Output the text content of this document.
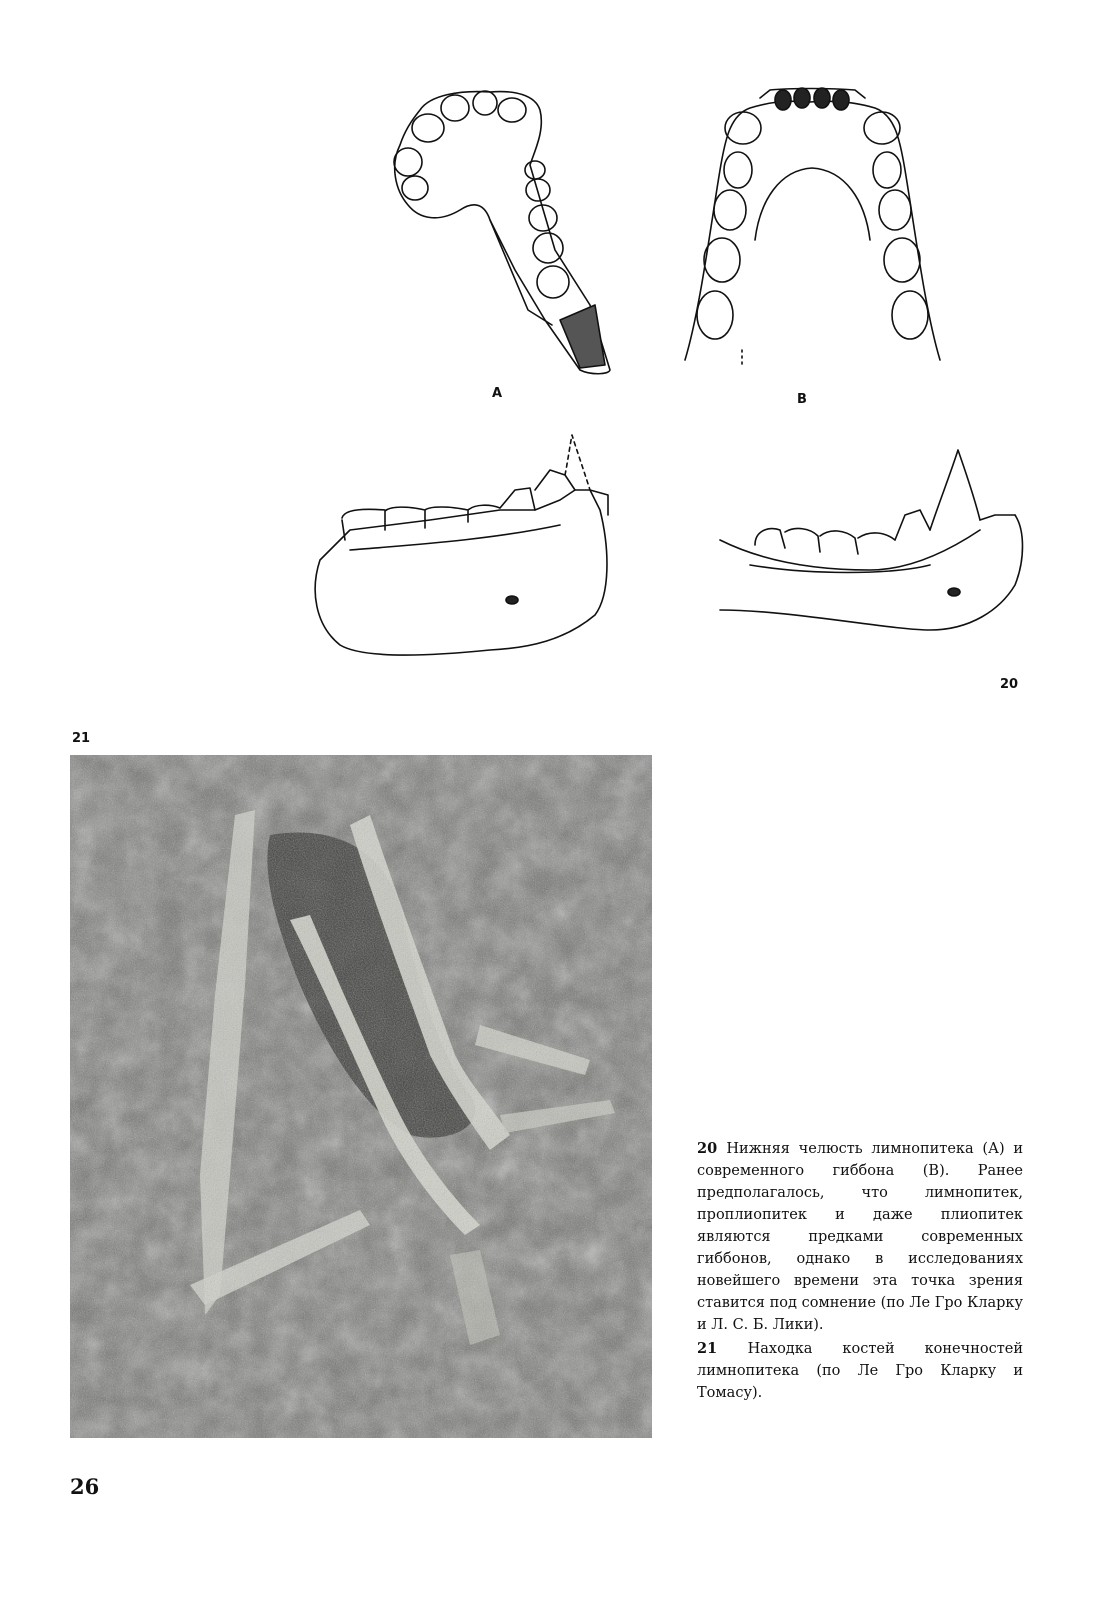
A	B
20
21
20 Нижняя челюсть лимнопитека (А) и современного гиббона (В). Ранее предполагалось, что лимнопитек, проплиопитек и даже плиопитек являются предками современных гиббонов, однако в исследованиях новейшего времени эта точка зрения ставится под сомнение (по Ле Гро Кларку и Л. С. Б. Лики).
21 Находка костей конечностей лимнопитека (по Ле Гро Кларку и Томасу).
26
